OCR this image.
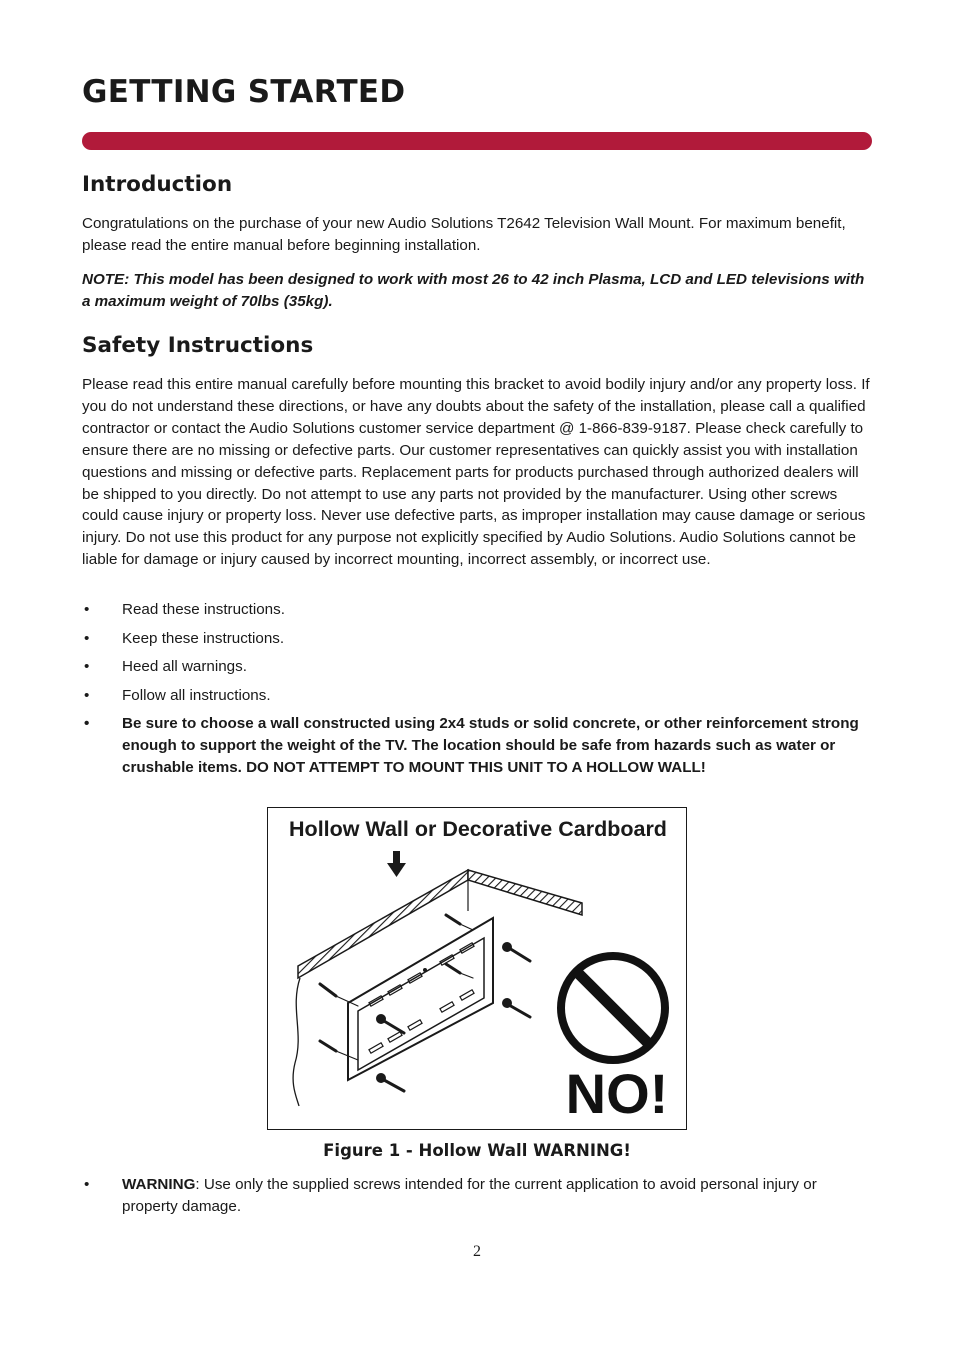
GETTING STARTED
Introduction

Congratulations on the purchase of your new Audio Solutions T2642 Television Wall Mount. For maximum benefit, please read the entire manual before beginning installation.

NOTE: This model has been designed to work with most 26 to 42 inch Plasma, LCD and LED televisions with a maximum weight of 70lbs (35kg).

Safety Instructions

Please read this entire manual carefully before mounting this bracket to avoid bodily injury and/or any property loss. If you do not understand these directions, or have any doubts about the safety of the installation, please call a qualified contractor or contact the Audio Solutions customer service department @ 1-866-839-9187. Please check carefully to ensure there are no missing or defective parts. Our customer representatives can quickly assist you with installation questions and missing or defective parts. Replacement parts for products purchased through authorized dealers will be shipped to you directly. Do not attempt to use any parts not provided by the manufacturer. Using other screws could cause injury or property loss. Never use defective parts, as improper installation may cause damage or serious injury. Do not use this product for any purpose not explicitly specified by Audio Solutions. Audio Solutions cannot be liable for damage or injury caused by incorrect mounting, incorrect assembly, or incorrect use.

• Read these instructions.
• Keep these instructions.
• Heed all warnings.
• Follow all instructions.
• Be sure to choose a wall constructed using 2x4 studs or solid concrete, or other reinforcement strong enough to support the weight of the TV. The location should be safe from hazards such as water or crushable items. DO NOT ATTEMPT TO MOUNT THIS UNIT TO A HOLLOW WALL!
Hollow Wall or Decorative Cardboard
NO!
Figure 1 - Hollow Wall WARNING!
• WARNING: Use only the supplied screws intended for the current application to avoid personal injury or property damage.
2
